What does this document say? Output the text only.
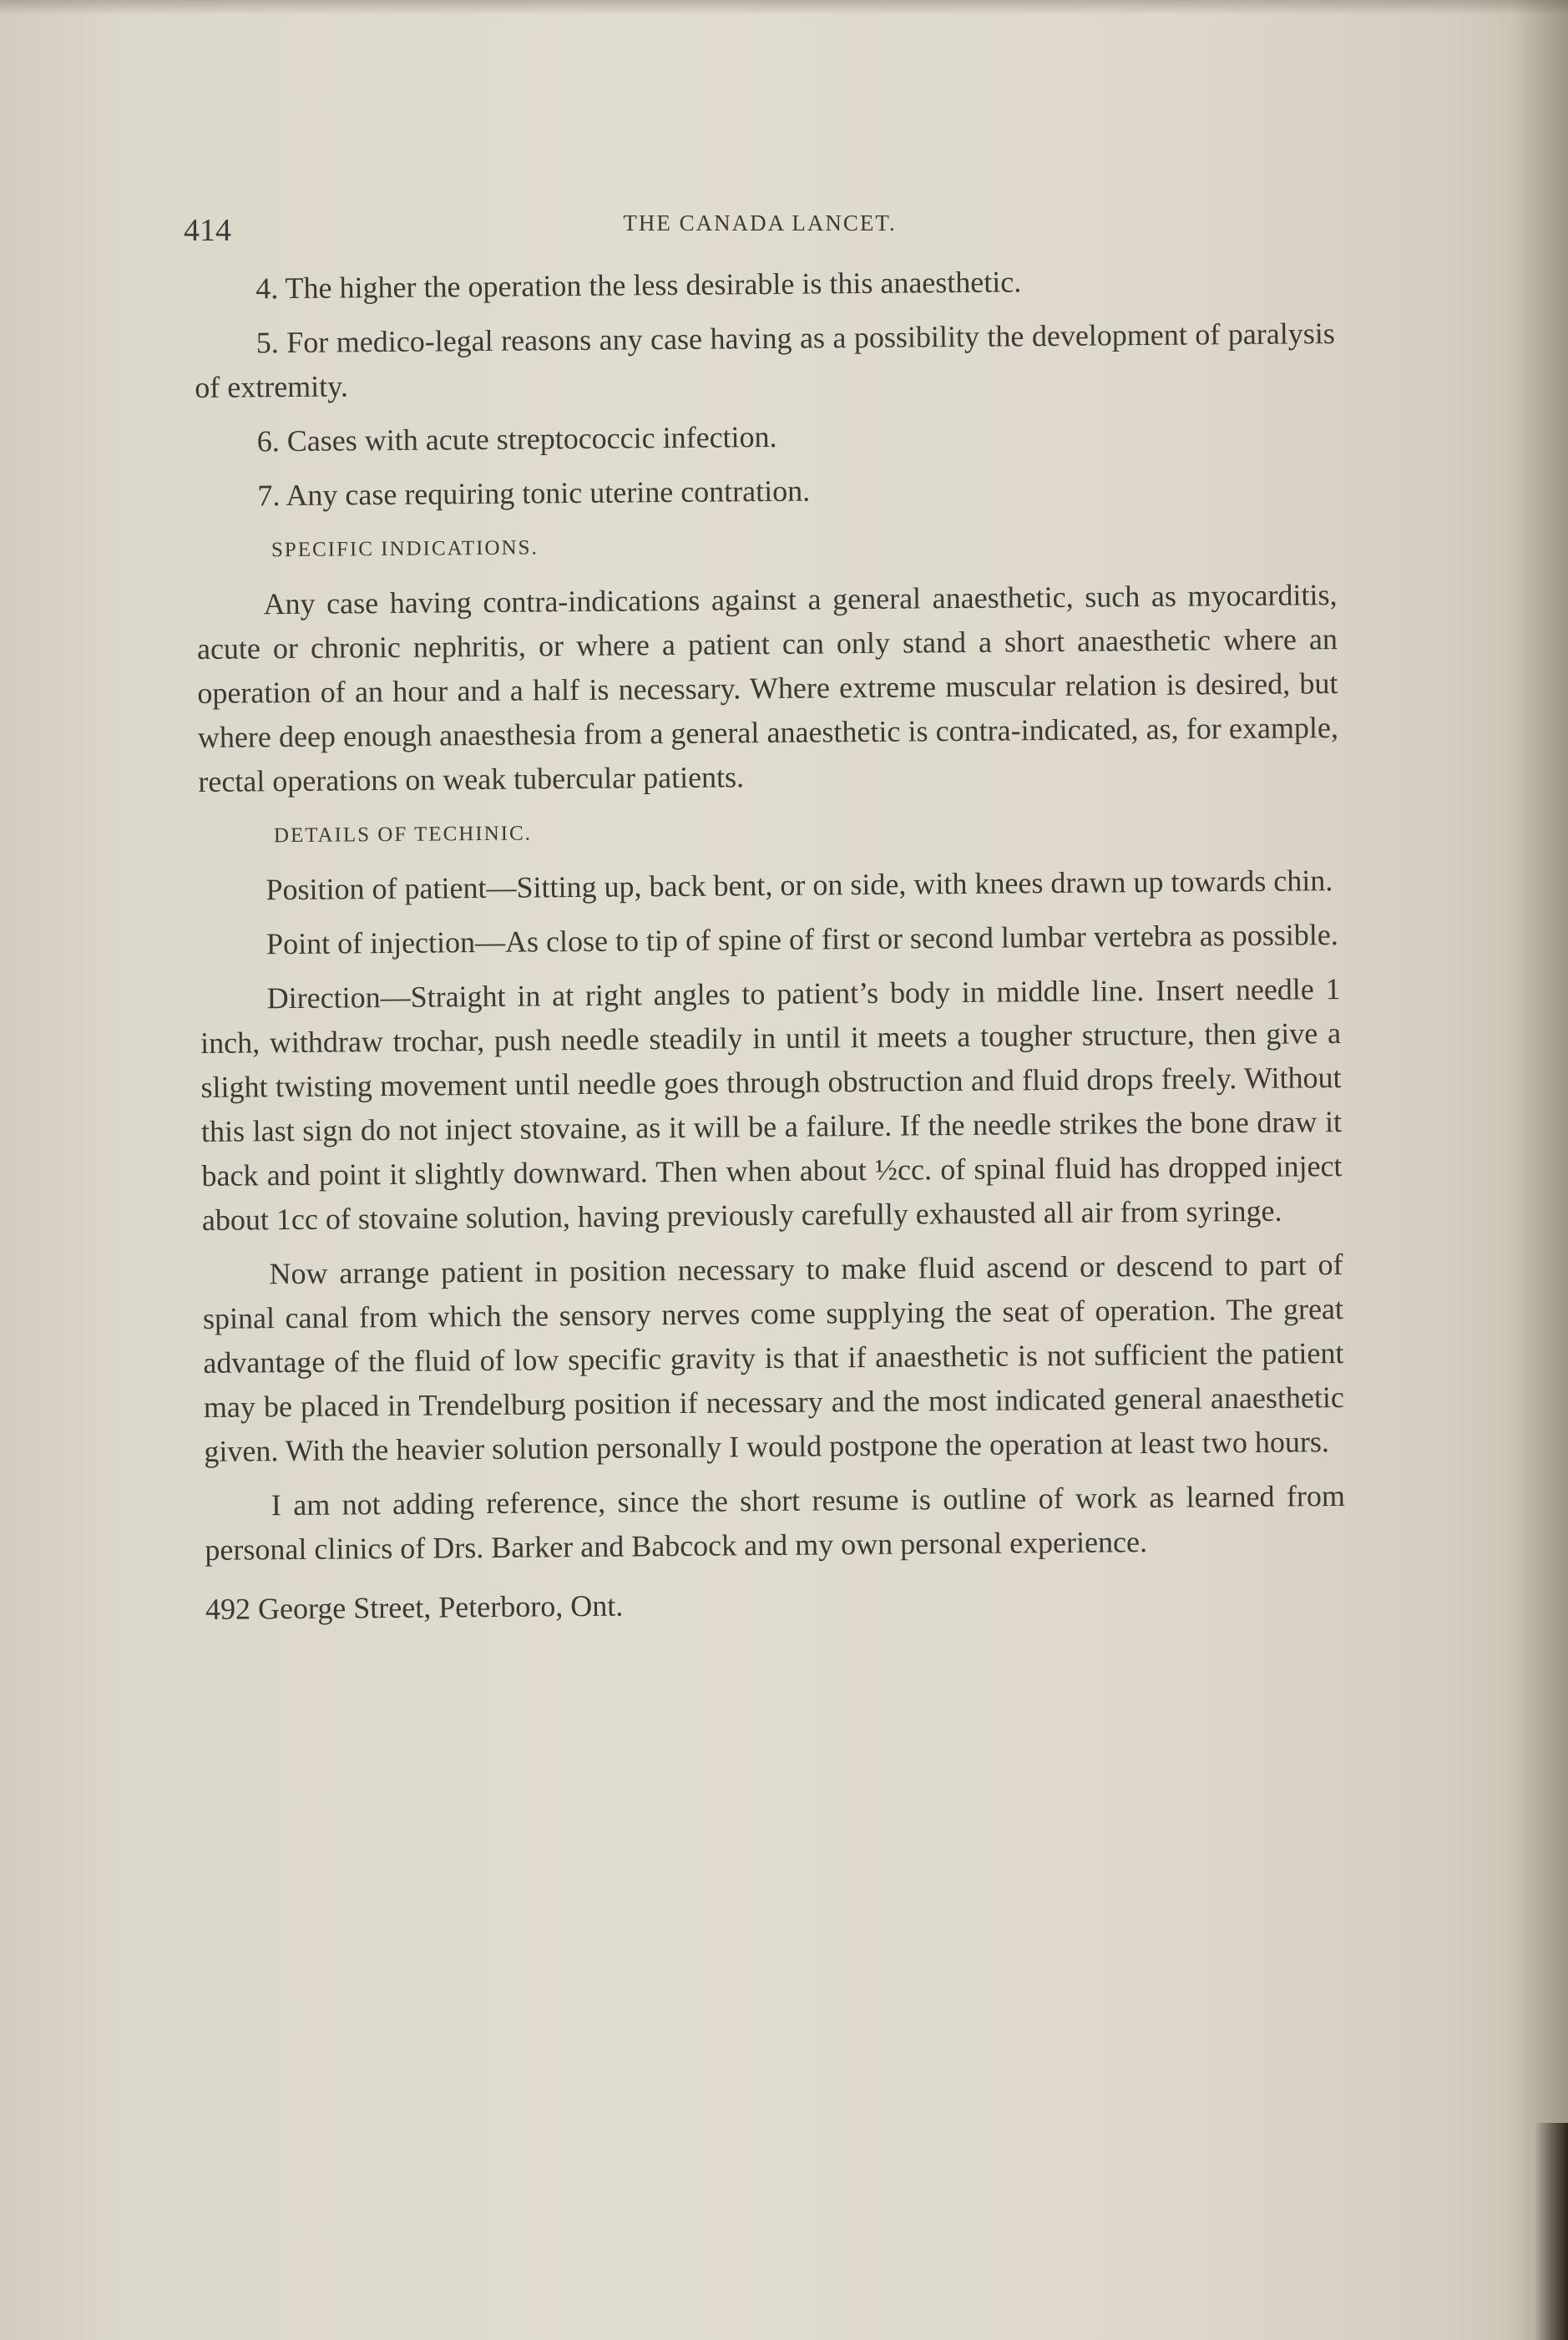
414	THE CANADA LANCET.

4. The higher the operation the less desirable is this anaesthetic.

5. For medico-legal reasons any case having as a possibility the development of paralysis of extremity.

6. Cases with acute streptococcic infection.

7. Any case requiring tonic uterine contration.

SPECIFIC INDICATIONS.

Any case having contra-indications against a general anaesthetic, such as myocarditis, acute or chronic nephritis, or where a patient can only stand a short anaesthetic where an operation of an hour and a half is necessary. Where extreme muscular relation is desired, but where deep enough anaesthesia from a general anaesthetic is contra-indicated, as, for example, rectal operations on weak tubercular patients.

DETAILS OF TECHINIC.

Position of patient—Sitting up, back bent, or on side, with knees drawn up towards chin.

Point of injection—As close to tip of spine of first or second lumbar vertebra as possible.

Direction—Straight in at right angles to patient’s body in middle line. Insert needle 1 inch, withdraw trochar, push needle steadily in until it meets a tougher structure, then give a slight twisting movement until needle goes through obstruction and fluid drops freely. Without this last sign do not inject stovaine, as it will be a failure. If the needle strikes the bone draw it back and point it slightly downward. Then when about ½cc. of spinal fluid has dropped inject about 1cc of stovaine solution, having previously carefully exhausted all air from syringe.

Now arrange patient in position necessary to make fluid ascend or descend to part of spinal canal from which the sensory nerves come supplying the seat of operation. The great advantage of the fluid of low specific gravity is that if anaesthetic is not sufficient the patient may be placed in Trendelburg position if necessary and the most indicated general anaesthetic given. With the heavier solution personally I would postpone the operation at least two hours.

I am not adding reference, since the short resume is outline of work as learned from personal clinics of Drs. Barker and Babcock and my own personal experience.

492 George Street, Peterboro, Ont.
